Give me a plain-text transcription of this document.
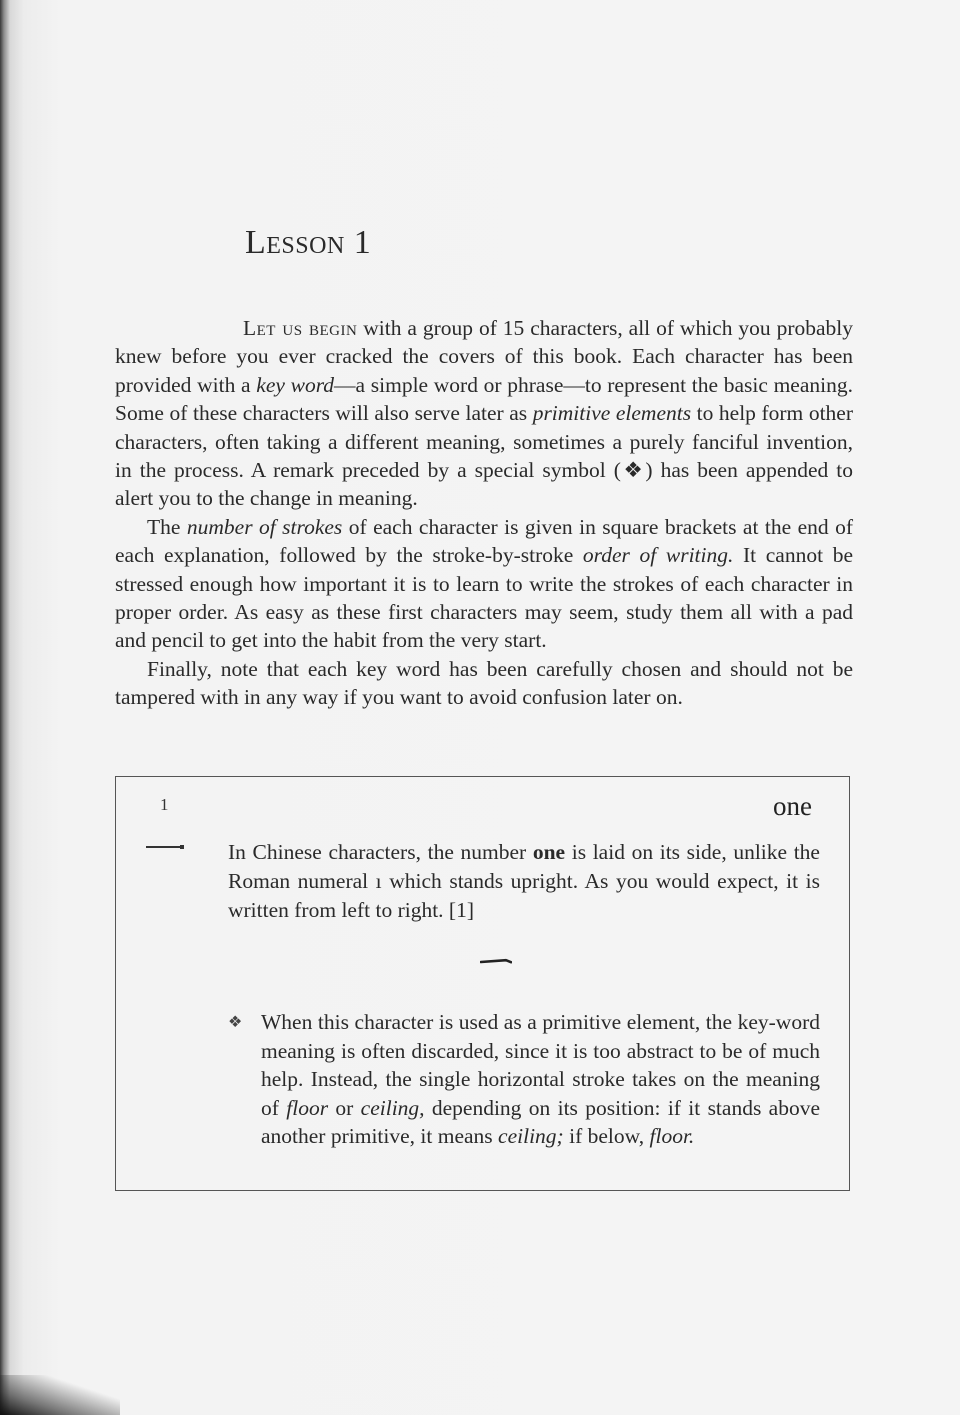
Lesson 1

Let us begin with a group of 15 characters, all of which you probably knew before you ever cracked the covers of this book. Each character has been provided with a key word—a simple word or phrase—to represent the basic meaning. Some of these characters will also serve later as primitive elements to help form other characters, often taking a different meaning, sometimes a purely fanciful invention, in the process. A remark preceded by a special symbol (❖) has been appended to alert you to the change in meaning.

The number of strokes of each character is given in square brackets at the end of each explanation, followed by the stroke-by-stroke order of writing. It cannot be stressed enough how important it is to learn to write the strokes of each character in proper order. As easy as these first characters may seem, study them all with a pad and pencil to get into the habit from the very start.

Finally, note that each key word has been carefully chosen and should not be tampered with in any way if you want to avoid confusion later on.

1	one

In Chinese characters, the number one is laid on its side, unlike the Roman numeral ı which stands upright. As you would expect, it is written from left to right. [1]

❖ When this character is used as a primitive element, the key-word meaning is often discarded, since it is too abstract to be of much help. Instead, the single horizontal stroke takes on the meaning of floor or ceiling, depending on its position: if it stands above another primitive, it means ceiling; if below, floor.
